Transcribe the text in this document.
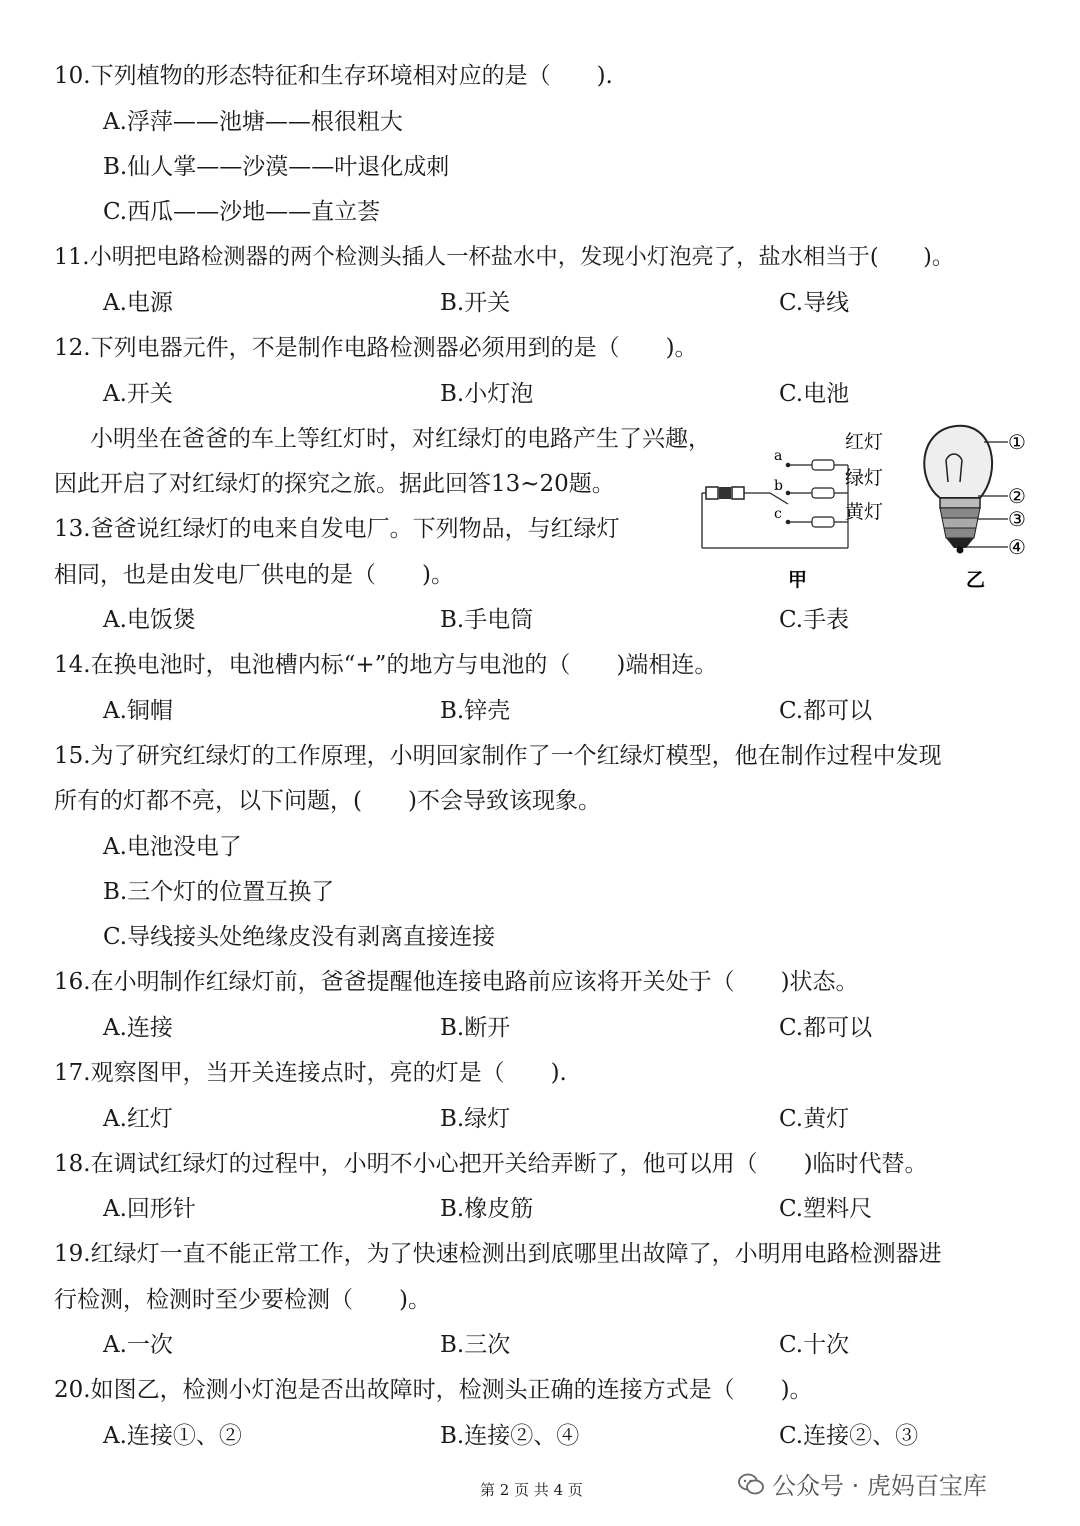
10.下列植物的形态特征和生存环境相对应的是（　　).
A.浮萍——池塘——根很粗大
B.仙人掌——沙漠——叶退化成刺
C.西瓜——沙地——直立荟
11.小明把电路检测器的两个检测头插人一杯盐水中，发现小灯泡亮了，盐水相当于(　　)。
A.电源	B.开关	C.导线
12.下列电器元件，不是制作电路检测器必须用到的是（　　)。
A.开关	B.小灯泡	C.电池
小明坐在爸爸的车上等红灯时，对红绿灯的电路产生了兴趣，
因此开启了对红绿灯的探究之旅。据此回答13~20题。
13.爸爸说红绿灯的电来自发电厂。下列物品，与红绿灯
相同，也是由发电厂供电的是（　　)。
A.电饭煲	B.手电筒	C.手表
a
b
c
红灯
绿灯
黄灯
甲
①
②
③
④
乙
14.在换电池时，电池槽内标“+”的地方与电池的（　　)端相连。
A.铜帽	B.锌壳	C.都可以
15.为了研究红绿灯的工作原理，小明回家制作了一个红绿灯模型，他在制作过程中发现
所有的灯都不亮，以下问题，(　　)不会导致该现象。
A.电池没电了
B.三个灯的位置互换了
C.导线接头处绝缘皮没有剥离直接连接
16.在小明制作红绿灯前，爸爸提醒他连接电路前应该将开关处于（　　)状态。
A.连接	B.断开	C.都可以
17.观察图甲，当开关连接点时，亮的灯是（　　).
A.红灯	B.绿灯	C.黄灯
18.在调试红绿灯的过程中，小明不小心把开关给弄断了，他可以用（　　)临时代替。
A.回形针	B.橡皮筋	C.塑料尺
19.红绿灯一直不能正常工作，为了快速检测出到底哪里出故障了，小明用电路检测器进
行检测，检测时至少要检测（　　)。
A.一次	B.三次	C.十次
20.如图乙，检测小灯泡是否出故障时，检测头正确的连接方式是（　　)。
A.连接①、②	B.连接②、④	C.连接②、③
第 2 页 共 4 页	公众号 · 虎妈百宝库
